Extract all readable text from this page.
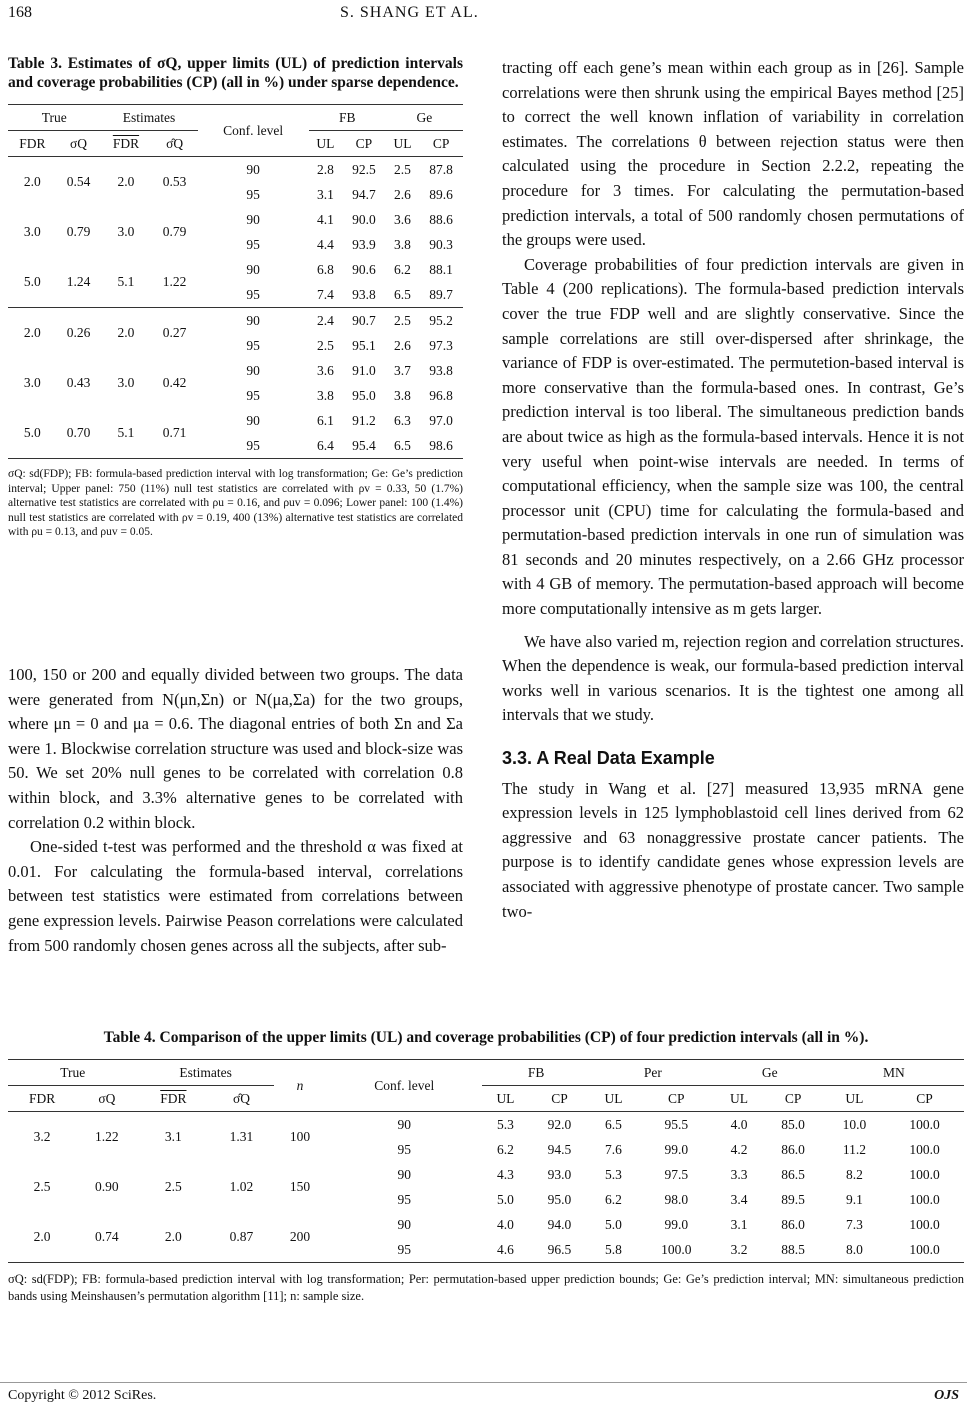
168	S. SHANG ET AL.
Table 3. Estimates of σQ, upper limits (UL) of prediction intervals and coverage probabilities (CP) (all in %) under sparse dependence.
True		Estimates		Conf. level	FB		Ge	
FDR	σQ	$\overline{FDR}$	σ̂Q		UL	CP	UL	CP
2.0	0.54	2.0	0.53	90	2.8	92.5	2.5	87.8
				95	3.1	94.7	2.6	89.6
3.0	0.79	3.0	0.79	90	4.1	90.0	3.6	88.6
				95	4.4	93.9	3.8	90.3
5.0	1.24	5.1	1.22	90	6.8	90.6	6.2	88.1
				95	7.4	93.8	6.5	89.7
2.0	0.26	2.0	0.27	90	2.4	90.7	2.5	95.2
				95	2.5	95.1	2.6	97.3
3.0	0.43	3.0	0.42	90	3.6	91.0	3.7	93.8
				95	3.8	95.0	3.8	96.8
5.0	0.70	5.1	0.71	90	6.1	91.2	6.3	97.0
				95	6.4	95.4	6.5	98.6
σQ: sd(FDP); FB: formula-based prediction interval with log transformation; Ge: Ge’s prediction interval; Upper panel: 750 (11%) null test statistics are correlated with ρv = 0.33, 50 (1.7%) alternative test statistics are correlated with ρu = 0.16, and ρuv = 0.096; Lower panel: 100 (1.4%) null test statistics are correlated with ρv = 0.19, 400 (13%) alternative test statistics are correlated with ρu = 0.13, and ρuv = 0.05.

100, 150 or 200 and equally divided between two groups. The data were generated from N(μn,Σn) or N(μa,Σa) for the two groups, where μn = 0 and μa = 0.6. The diagonal entries of both Σn and Σa were 1. Blockwise correlation structure was used and block-size was 50. We set 20% null genes to be correlated with correlation 0.8 within block, and 3.3% alternative genes to be correlated with correlation 0.2 within block.

One-sided t-test was performed and the threshold α was fixed at 0.01. For calculating the formula-based interval, correlations between test statistics were estimated from correlations between gene expression levels. Pairwise Peason correlations were calculated from 500 randomly chosen genes across all the subjects, after sub-

tracting off each gene’s mean within each group as in [26]. Sample correlations were then shrunk using the empirical Bayes method [25] to correct the well known inflation of variability in correlation estimates. The correlations θ between rejection status were then calculated using the procedure in Section 2.2.2, repeating the procedure for 3 times. For calculating the permutation-based prediction intervals, a total of 500 randomly chosen permutations of the groups were used.

Coverage probabilities of four prediction intervals are given in Table 4 (200 replications). The formula-based prediction intervals cover the true FDP well and are slightly conservative. Since the sample correlations are still over-dispersed after shrinkage, the variance of FDP is over-estimated. The permutetion-based interval is more conservative than the formula-based ones. In contrast, Ge’s prediction interval is too liberal. The simultaneous prediction bands are about twice as high as the formula-based intervals. Hence it is not very useful when point-wise intervals are needed. In terms of computational efficiency, when the sample size was 100, the central processor unit (CPU) time for calculating the formula-based and permutation-based prediction intervals in one run of simulation was 81 seconds and 20 minutes respectively, on a 2.66 GHz processor with 4 GB of memory. The permutation-based approach will become more computationally intensive as m gets larger.

We have also varied m, rejection region and correlation structures. When the dependence is weak, our formula-based prediction interval works well in various scenarios. It is the tightest one among all intervals that we study.

3.3. A Real Data Example

The study in Wang et al. [27] measured 13,935 mRNA gene expression levels in 125 lymphoblastoid cell lines derived from 62 aggressive and 63 nonaggressive prostate cancer patients. The purpose is to identify candidate genes whose expression levels are associated with aggressive phenotype of prostate cancer. Two sample two-

Table 4. Comparison of the upper limits (UL) and coverage probabilities (CP) of four prediction intervals (all in %).
True		Estimates		n	Conf. level	FB		Per		Ge		MN	
FDR	σQ	$\overline{FDR}$	σ̂Q			UL	CP	UL	CP	UL	CP	UL	CP
3.2	1.22	3.1	1.31	100	90	5.3	92.0	6.5	95.5	4.0	85.0	10.0	100.0
					95	6.2	94.5	7.6	99.0	4.2	86.0	11.2	100.0
2.5	0.90	2.5	1.02	150	90	4.3	93.0	5.3	97.5	3.3	86.5	8.2	100.0
					95	5.0	95.0	6.2	98.0	3.4	89.5	9.1	100.0
2.0	0.74	2.0	0.87	200	90	4.0	94.0	5.0	99.0	3.1	86.0	7.3	100.0
					95	4.6	96.5	5.8	100.0	3.2	88.5	8.0	100.0
σQ: sd(FDP); FB: formula-based prediction interval with log transformation; Per: permutation-based upper prediction bounds; Ge: Ge’s prediction interval; MN: simultaneous prediction bands using Meinshausen’s permutation algorithm [11]; n: sample size.
Copyright © 2012 SciRes.	OJS
